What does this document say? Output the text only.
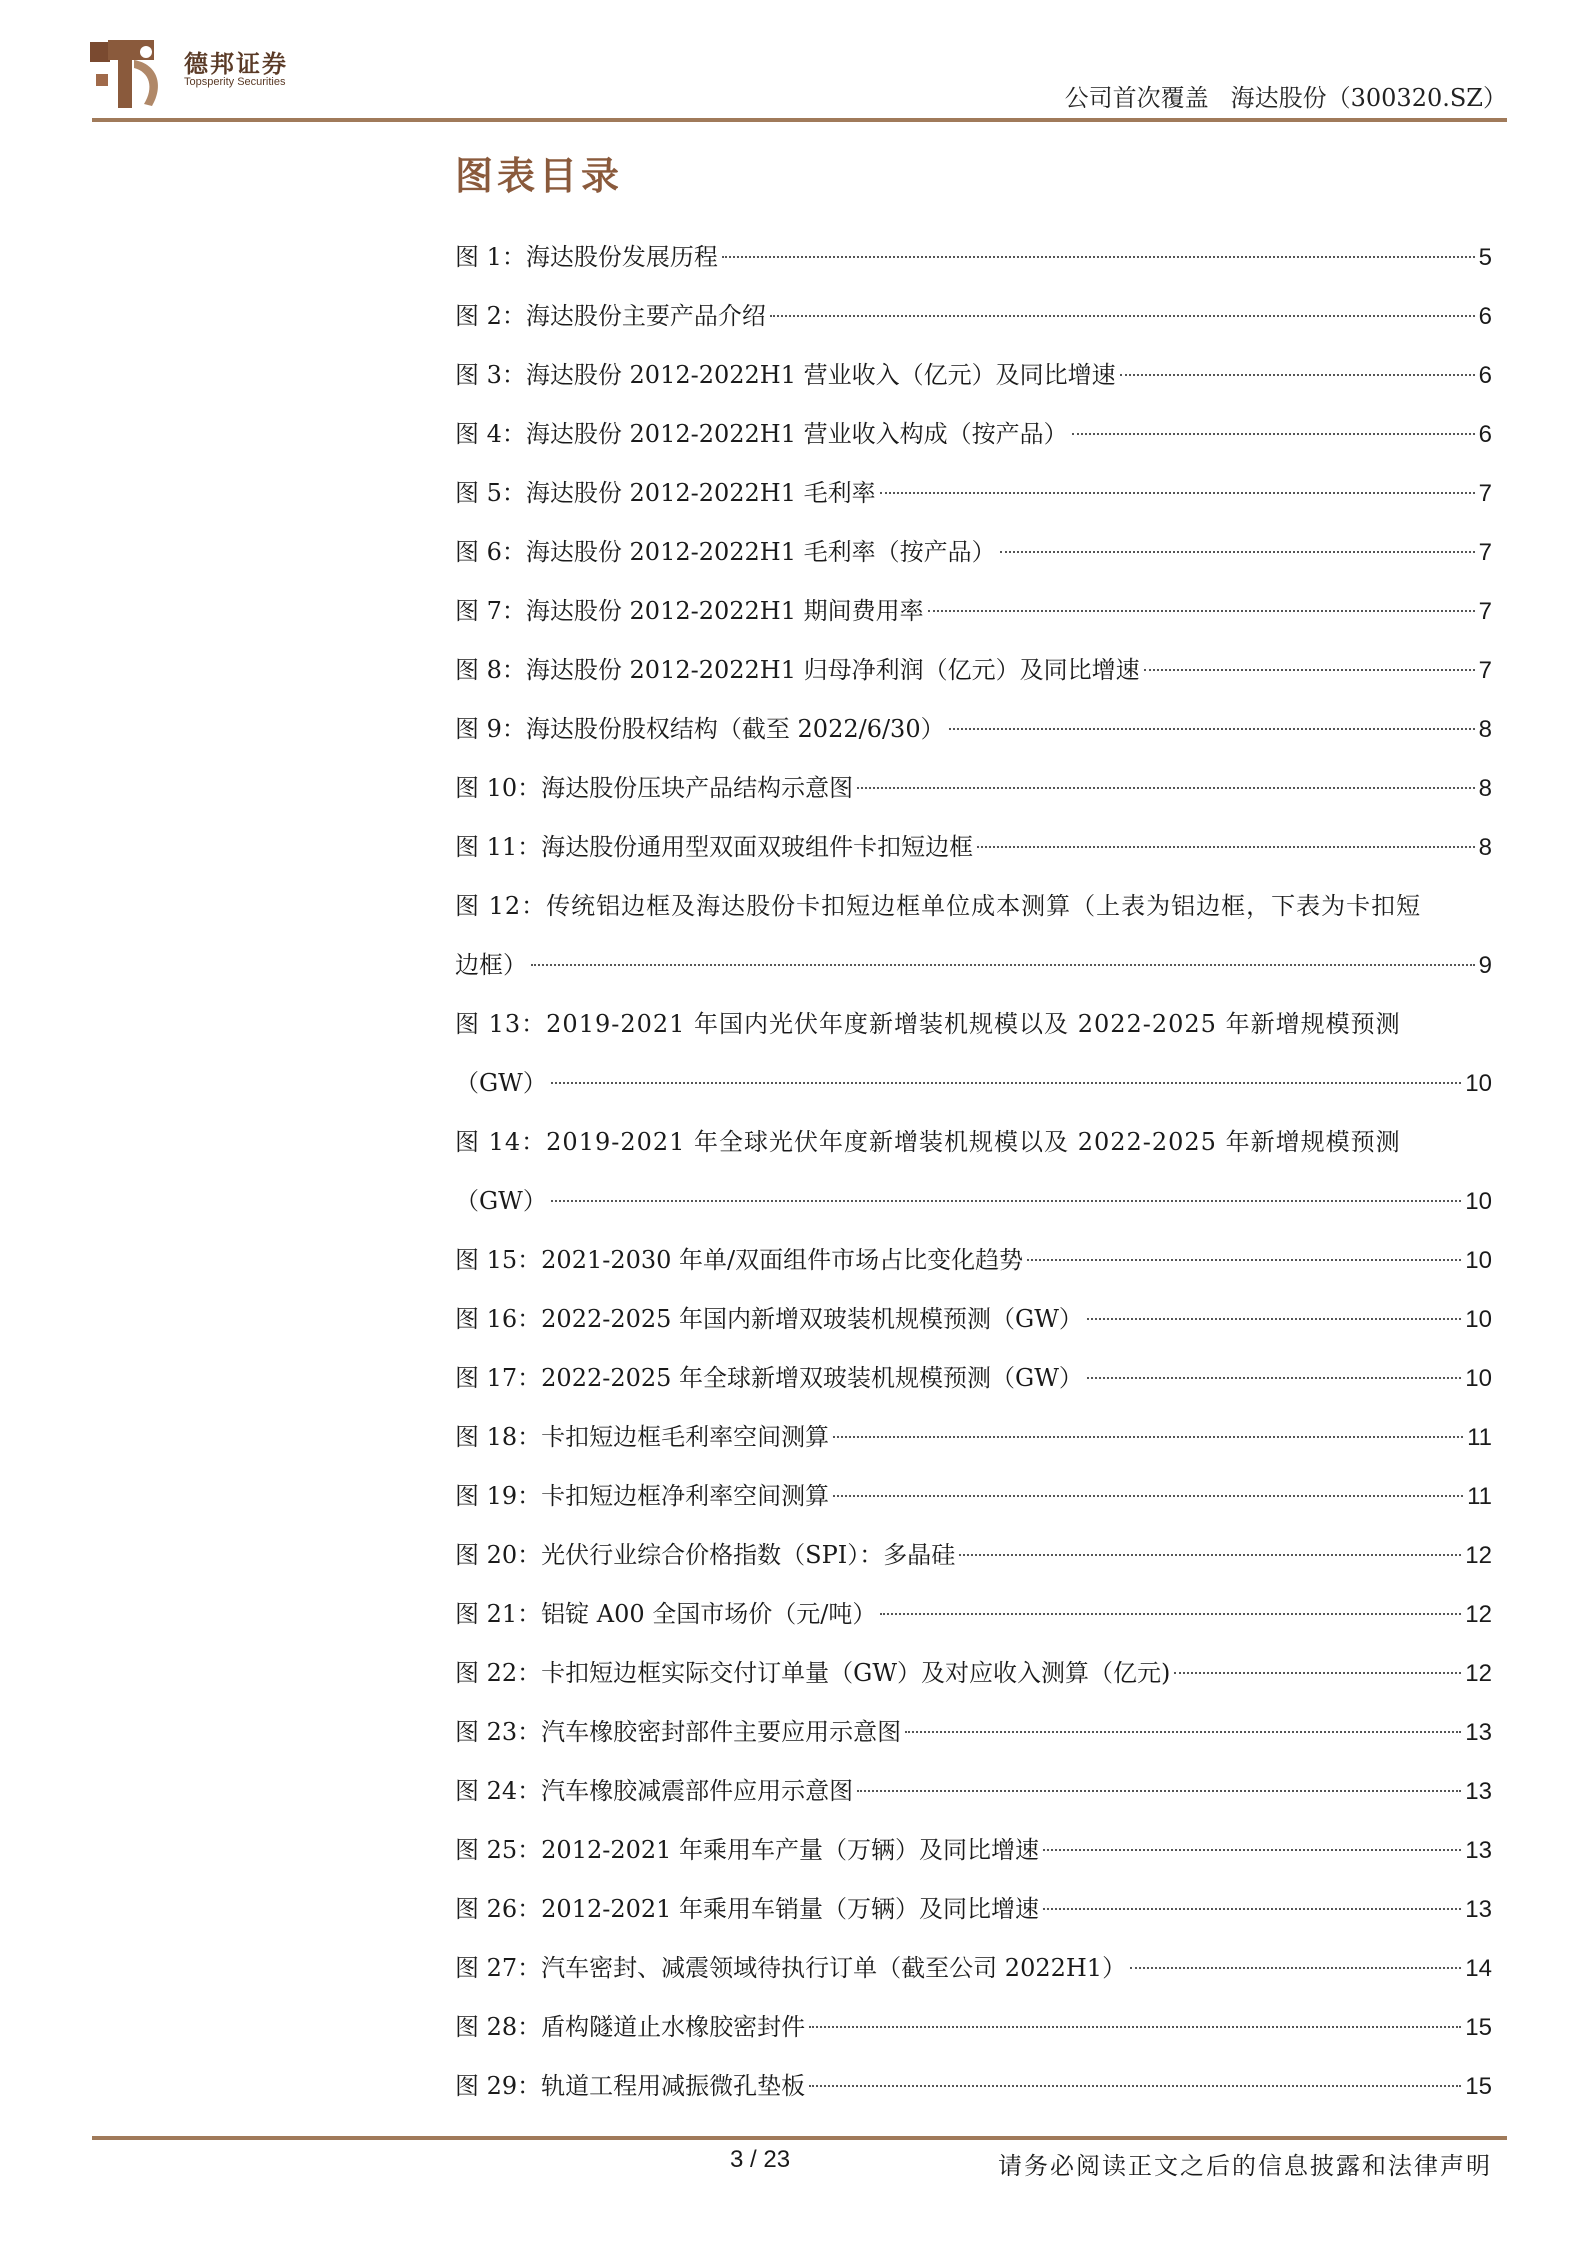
德邦证券
Topsperity Securities
公司首次覆盖 海达股份（300320.SZ）
图表目录
图 1：海达股份发展历程	5
图 2：海达股份主要产品介绍	6
图 3：海达股份 2012-2022H1 营业收入（亿元）及同比增速	6
图 4：海达股份 2012-2022H1 营业收入构成（按产品）	6
图 5：海达股份 2012-2022H1 毛利率	7
图 6：海达股份 2012-2022H1 毛利率（按产品）	7
图 7：海达股份 2012-2022H1 期间费用率	7
图 8：海达股份 2012-2022H1 归母净利润（亿元）及同比增速	7
图 9：海达股份股权结构（截至 2022/6/30）	8
图 10：海达股份压块产品结构示意图	8
图 11：海达股份通用型双面双玻组件卡扣短边框	8
图 12：传统铝边框及海达股份卡扣短边框单位成本测算（上表为铝边框，下表为卡扣短
边框）	9
图 13：2019-2021 年国内光伏年度新增装机规模以及 2022-2025 年新增规模预测
（GW）	10
图 14：2019-2021 年全球光伏年度新增装机规模以及 2022-2025 年新增规模预测
（GW）	10
图 15：2021-2030 年单/双面组件市场占比变化趋势	10
图 16：2022-2025 年国内新增双玻装机规模预测（GW）	10
图 17：2022-2025 年全球新增双玻装机规模预测（GW）	10
图 18：卡扣短边框毛利率空间测算	11
图 19：卡扣短边框净利率空间测算	11
图 20：光伏行业综合价格指数（SPI）：多晶硅	12
图 21：铝锭 A00 全国市场价（元/吨）	12
图 22：卡扣短边框实际交付订单量（GW）及对应收入测算（亿元)	12
图 23：汽车橡胶密封部件主要应用示意图	13
图 24：汽车橡胶减震部件应用示意图	13
图 25：2012-2021 年乘用车产量（万辆）及同比增速	13
图 26：2012-2021 年乘用车销量（万辆）及同比增速	13
图 27：汽车密封、减震领域待执行订单（截至公司 2022H1）	14
图 28：盾构隧道止水橡胶密封件	15
图 29：轨道工程用减振微孔垫板	15
3 / 23	请务必阅读正文之后的信息披露和法律声明
